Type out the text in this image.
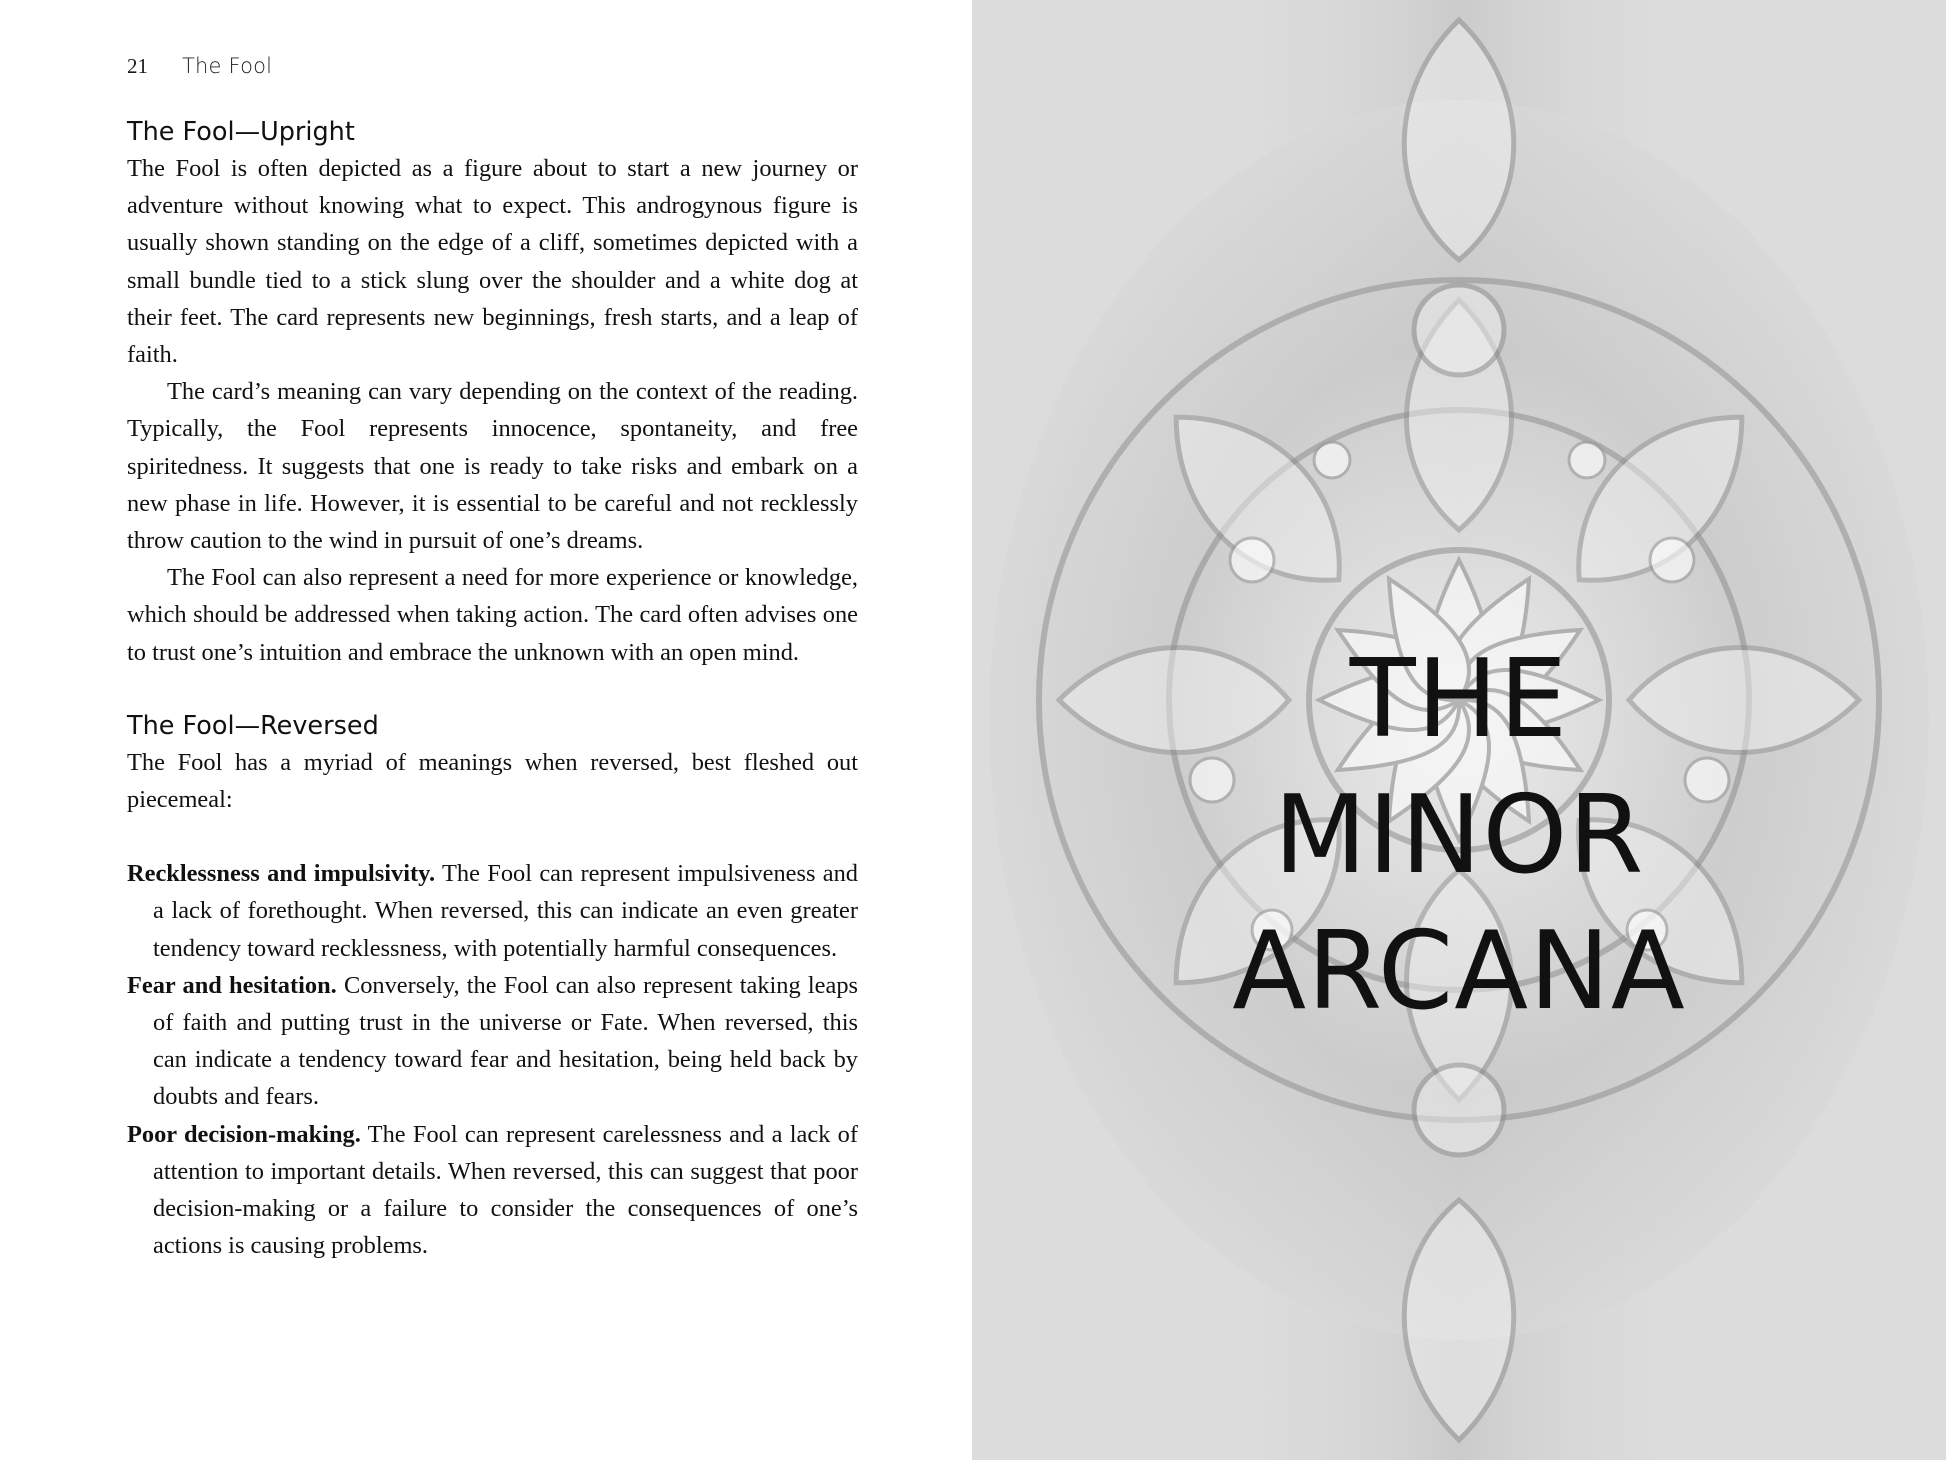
21 The Fool
The Fool—Upright

The Fool is often depicted as a figure about to start a new journey or adventure without knowing what to expect. This androgynous figure is usually shown standing on the edge of a cliff, sometimes depicted with a small bundle tied to a stick slung over the shoulder and a white dog at their feet. The card represents new beginnings, fresh starts, and a leap of faith.

The card’s meaning can vary depending on the context of the reading. Typically, the Fool represents innocence, spontaneity, and free spiritedness. It suggests that one is ready to take risks and embark on a new phase in life. However, it is essential to be careful and not recklessly throw caution to the wind in pursuit of one’s dreams.

The Fool can also represent a need for more experience or knowledge, which should be addressed when taking action. The card often advises one to trust one’s intuition and embrace the unknown with an open mind.

The Fool—Reversed

The Fool has a myriad of meanings when reversed, best fleshed out piecemeal:

Recklessness and impulsivity. The Fool can represent impulsiveness and a lack of forethought. When reversed, this can indicate an even greater tendency toward recklessness, with potentially harmful consequences.

Fear and hesitation. Conversely, the Fool can also represent taking leaps of faith and putting trust in the universe or Fate. When reversed, this can indicate a tendency toward fear and hesitation, being held back by doubts and fears.

Poor decision-making. The Fool can represent carelessness and a lack of attention to important details. When reversed, this can suggest that poor decision-making or a failure to consider the consequences of one’s actions is causing problems.

THE
MINOR
ARCANA
